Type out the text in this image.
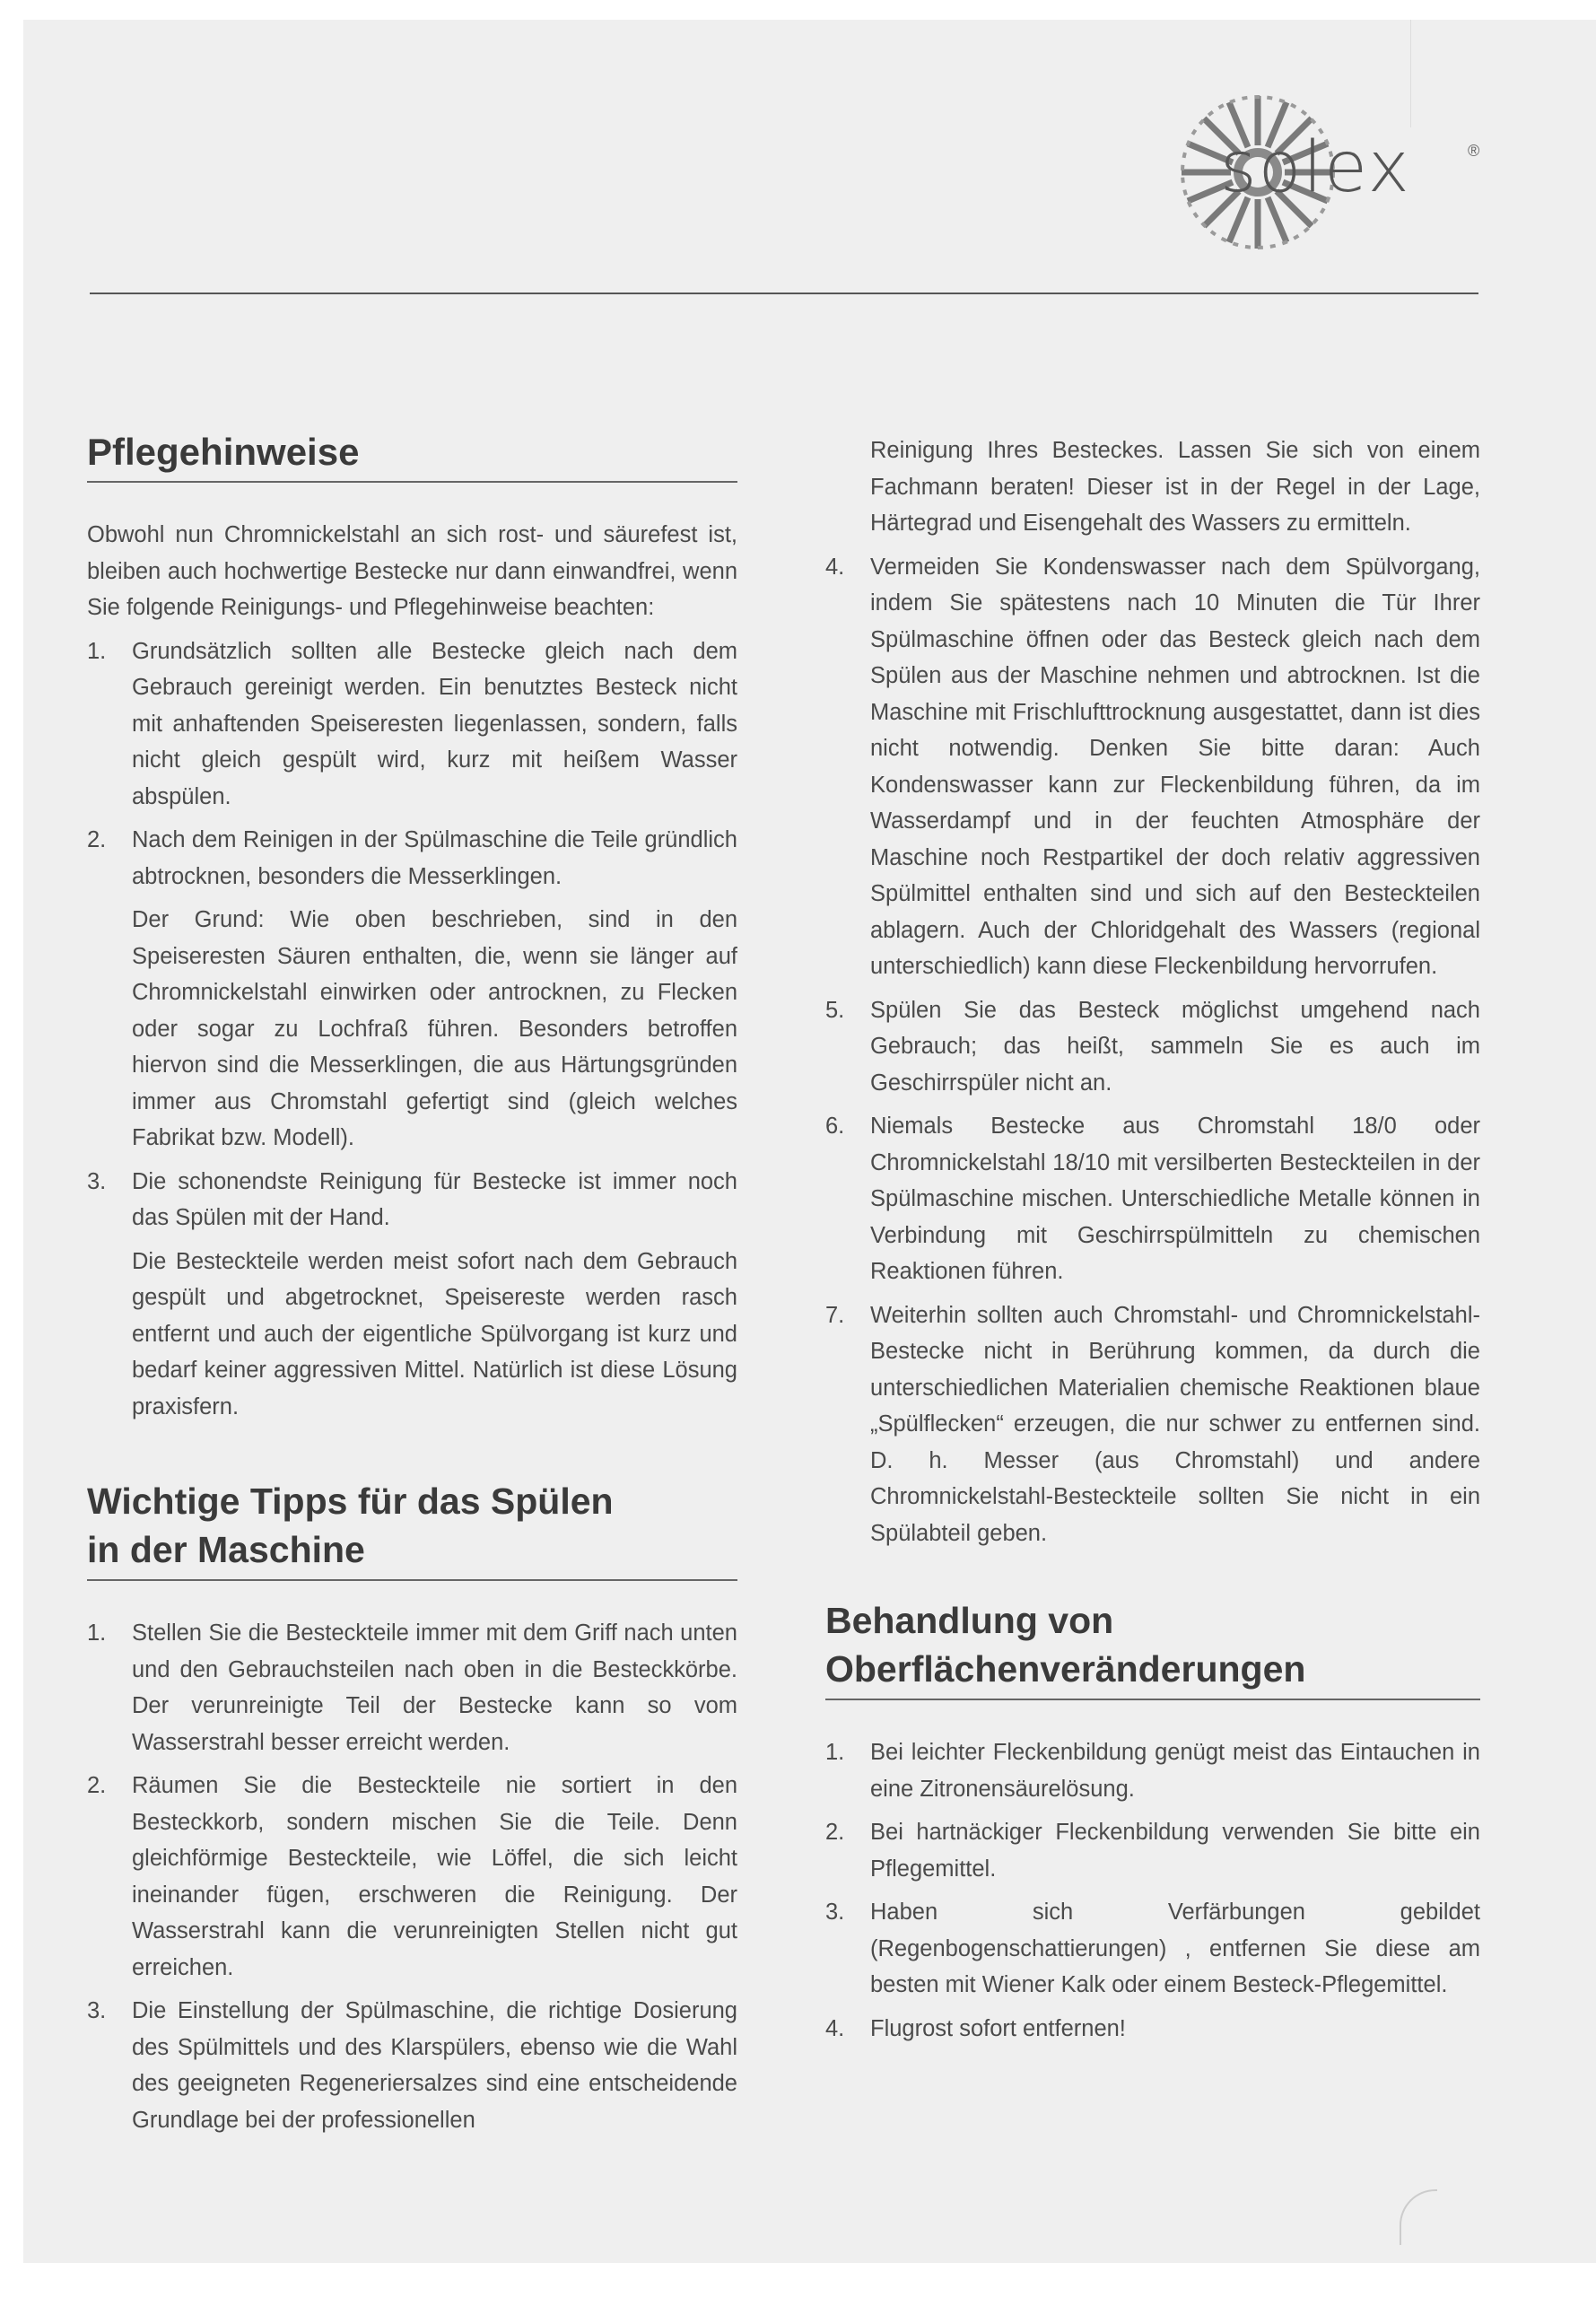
solex	®
Pflegehinweise

Obwohl nun Chromnickelstahl an sich rost- und säurefest ist, bleiben auch hochwertige Bestecke nur dann einwandfrei, wenn Sie folgende Reinigungs- und Pflegehinweise beachten:

1. Grundsätzlich sollten alle Bestecke gleich nach dem Gebrauch gereinigt werden. Ein benutztes Besteck nicht mit anhaftenden Speiseresten liegenlassen, sondern, falls nicht gleich gespült wird, kurz mit heißem Wasser abspülen.
2. Nach dem Reinigen in der Spülmaschine die Teile gründlich abtrocknen, besonders die Messerklingen.

Der Grund: Wie oben beschrieben, sind in den Speiseresten Säuren enthalten, die, wenn sie länger auf Chromnickelstahl einwirken oder antrocknen, zu Flecken oder sogar zu Lochfraß führen. Besonders betroffen hiervon sind die Messerklingen, die aus Härtungsgründen immer aus Chromstahl gefertigt sind (gleich welches Fabrikat bzw. Modell).

3. Die schonendste Reinigung für Bestecke ist immer noch das Spülen mit der Hand.

Die Besteckteile werden meist sofort nach dem Gebrauch gespült und abgetrocknet, Speisereste werden rasch entfernt und auch der eigentliche Spülvorgang ist kurz und bedarf keiner aggressiven Mittel. Natürlich ist diese Lösung praxisfern.

Wichtige Tipps für das Spülen
in der Maschine
1. Stellen Sie die Besteckteile immer mit dem Griff nach unten und den Gebrauchsteilen nach oben in die Besteckkörbe. Der verunreinigte Teil der Bestecke kann so vom Wasserstrahl besser erreicht werden.
2. Räumen Sie die Besteckteile nie sortiert in den Besteckkorb, sondern mischen Sie die Teile. Denn gleichförmige Besteckteile, wie Löffel, die sich leicht ineinander fügen, erschweren die Reinigung. Der Wasserstrahl kann die verunreinigten Stellen nicht gut erreichen.
3. Die Einstellung der Spülmaschine, die richtige Dosierung des Spülmittels und des Klarspülers, ebenso wie die Wahl des geeigneten Regeneriersalzes sind eine entscheidende Grundlage bei der professionellen

Reinigung Ihres Besteckes. Lassen Sie sich von einem Fachmann beraten! Dieser ist in der Regel in der Lage, Härtegrad und Eisengehalt des Wassers zu ermitteln.

4. Vermeiden Sie Kondenswasser nach dem Spülvorgang, indem Sie spätestens nach 10 Minuten die Tür Ihrer Spülmaschine öffnen oder das Besteck gleich nach dem Spülen aus der Maschine nehmen und abtrocknen. Ist die Maschine mit Frischlufttrocknung ausgestattet, dann ist dies nicht notwendig. Denken Sie bitte daran: Auch Kondenswasser kann zur Fleckenbildung führen, da im Wasserdampf und in der feuchten Atmosphäre der Maschine noch Restpartikel der doch relativ aggressiven Spülmittel enthalten sind und sich auf den Besteckteilen ablagern. Auch der Chloridgehalt des Wassers (regional unterschiedlich) kann diese Fleckenbildung hervorrufen.
5. Spülen Sie das Besteck möglichst umgehend nach Gebrauch; das heißt, sammeln Sie es auch im Geschirrspüler nicht an.
6. Niemals Bestecke aus Chromstahl 18/0 oder Chromnickelstahl 18/10 mit versilberten Besteckteilen in der Spülmaschine mischen. Unterschiedliche Metalle können in Verbindung mit Geschirrspülmitteln zu chemischen Reaktionen führen.
7. Weiterhin sollten auch Chromstahl- und Chromnickelstahl-Bestecke nicht in Berührung kommen, da durch die unterschiedlichen Materialien chemische Reaktionen blaue „Spülflecken“ erzeugen, die nur schwer zu entfernen sind. D. h. Messer (aus Chromstahl) und andere Chromnickelstahl-Besteckteile sollten Sie nicht in ein Spülabteil geben.
Behandlung von
Oberflächenveränderungen
1. Bei leichter Fleckenbildung genügt meist das Eintauchen in eine Zitronensäurelösung.
2. Bei hartnäckiger Fleckenbildung verwenden Sie bitte ein Pflegemittel.
3. Haben sich Verfärbungen gebildet (Regenbogenschattierungen) , entfernen Sie diese am besten mit Wiener Kalk oder einem Besteck-Pflegemittel.
4. Flugrost sofort entfernen!
